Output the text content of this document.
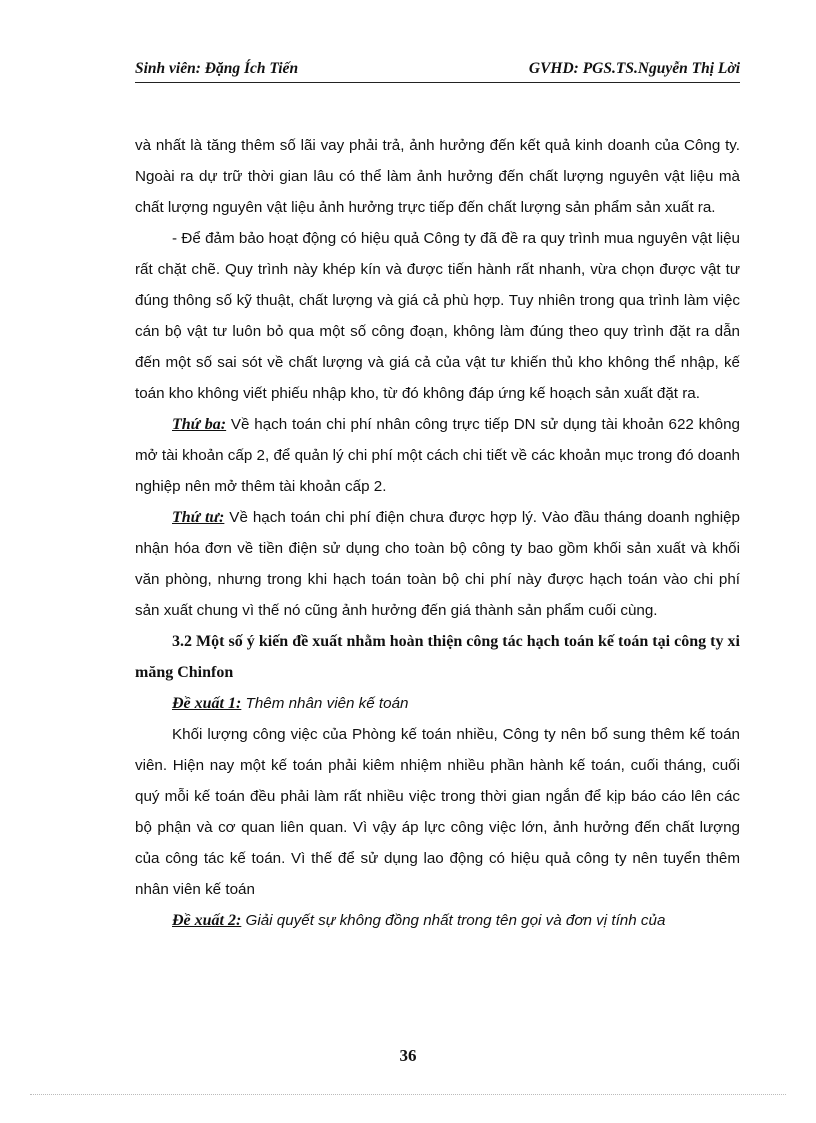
Sinh viên: Đặng Ích Tiến	GVHD: PGS.TS.Nguyễn Thị Lời

và nhất là tăng thêm số lãi vay phải trả, ảnh hưởng đến kết quả kinh doanh của Công ty. Ngoài ra dự trữ thời gian lâu có thể làm ảnh hưởng đến chất lượng nguyên vật liệu mà chất lượng nguyên vật liệu ảnh hưởng trực tiếp đến chất lượng sản phẩm sản xuất ra.

- Để đảm bảo hoạt động có hiệu quả Công ty đã đề ra quy trình mua nguyên vật liệu rất chặt chẽ. Quy trình này khép kín và được tiến hành rất nhanh, vừa chọn được vật tư đúng thông số kỹ thuật, chất lượng và giá cả phù hợp. Tuy nhiên trong qua trình làm việc cán bộ vật tư luôn bỏ qua một số công đoạn, không làm đúng theo quy trình đặt ra dẫn đến một số sai sót về chất lượng và giá cả của vật tư khiến thủ kho không thể nhập, kế toán kho không viết phiếu nhập kho, từ đó không đáp ứng kế hoạch sản xuất đặt ra.

Thứ ba: Về hạch toán chi phí nhân công trực tiếp DN sử dụng tài khoản 622 không mở tài khoản cấp 2, để quản lý chi phí một cách chi tiết về các khoản mục trong đó doanh nghiệp nên mở thêm tài khoản cấp 2.

Thứ tư: Về hạch toán chi phí điện chưa được hợp lý. Vào đầu tháng doanh nghiệp nhận hóa đơn về tiền điện sử dụng cho toàn bộ công ty bao gồm khối sản xuất và khối văn phòng, nhưng trong khi hạch toán toàn bộ chi phí này được hạch toán vào chi phí sản xuất chung vì thế nó cũng ảnh hưởng đến giá thành sản phẩm cuối cùng.

3.2 Một số ý kiến đề xuất nhằm hoàn thiện công tác hạch toán kế toán tại công ty xi măng Chinfon

Đề xuất 1: Thêm nhân viên kế toán

Khối lượng công việc của Phòng kế toán nhiều, Công ty nên bổ sung thêm kế toán viên. Hiện nay một kế toán phải kiêm nhiệm nhiều phần hành kế toán, cuối tháng, cuối quý mỗi kế toán đều phải làm rất nhiều việc trong thời gian ngắn để kịp báo cáo lên các bộ phận và cơ quan liên quan. Vì vậy áp lực công việc lớn, ảnh hưởng đến chất lượng của công tác kế toán. Vì thế để sử dụng lao động có hiệu quả công ty nên tuyển thêm nhân viên kế toán

Đề xuất 2: Giải quyết sự không đồng nhất trong tên gọi và đơn vị tính của

36
